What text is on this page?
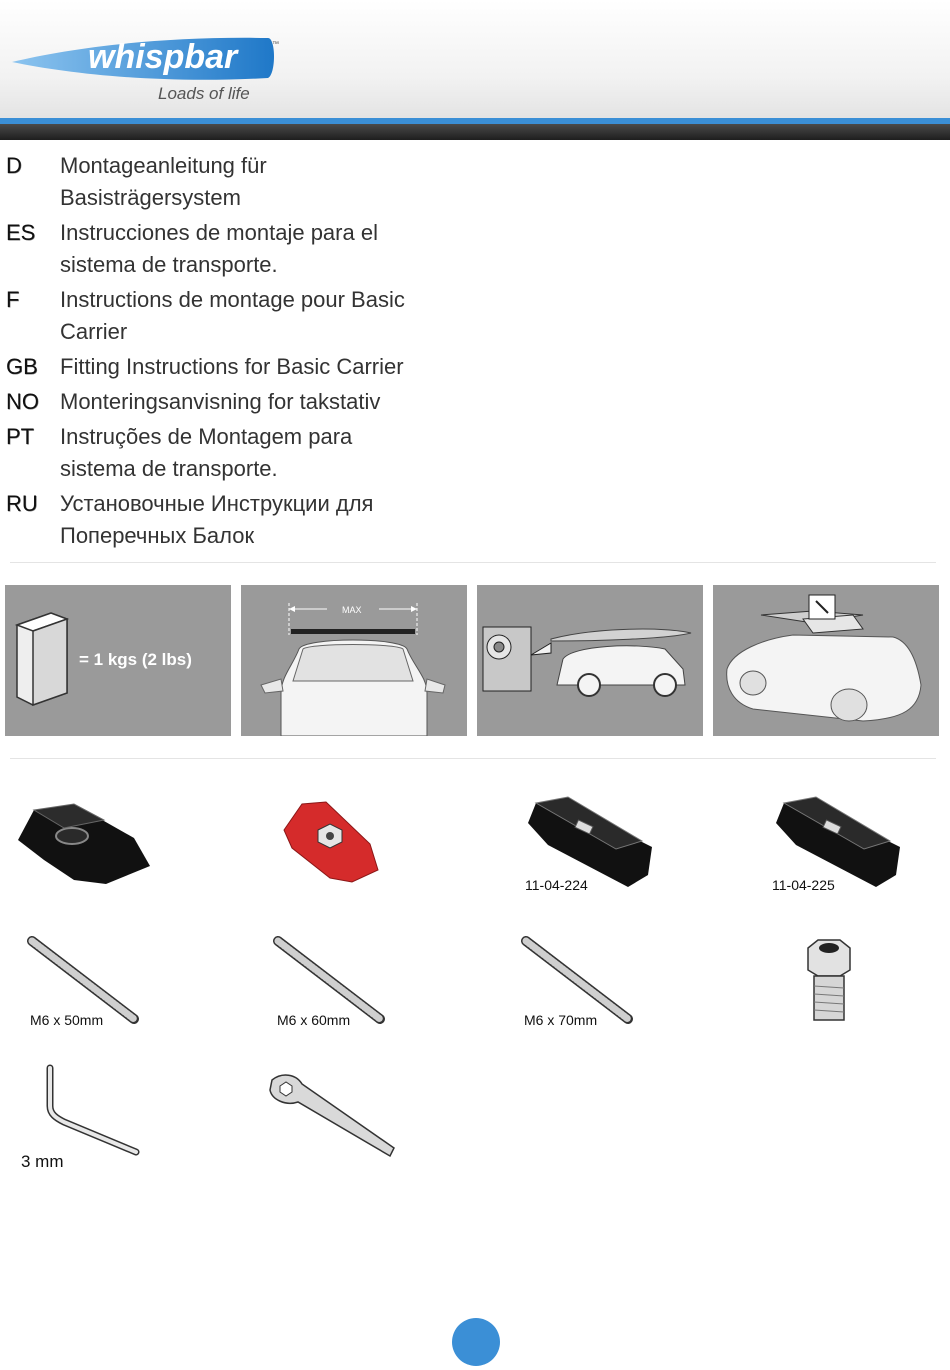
whispbar	™
Loads of life
D	Montageanleitung für Basisträgersystem
ES	Instrucciones de montaje para el sistema de transporte.
F	Instructions de montage pour Basic Carrier
GB	Fitting Instructions for Basic Carrier
NO Monteringsanvisning for takstativ
PT	Instruções de Montagem para sistema de transporte.
RU	Установочные Инструкции для Поперечных Балок
= 1 kgs (2 lbs)
MAX
11-04-224	11-04-225
M6 x 50mm	M6 x 60mm	M6 x 70mm
3 mm
